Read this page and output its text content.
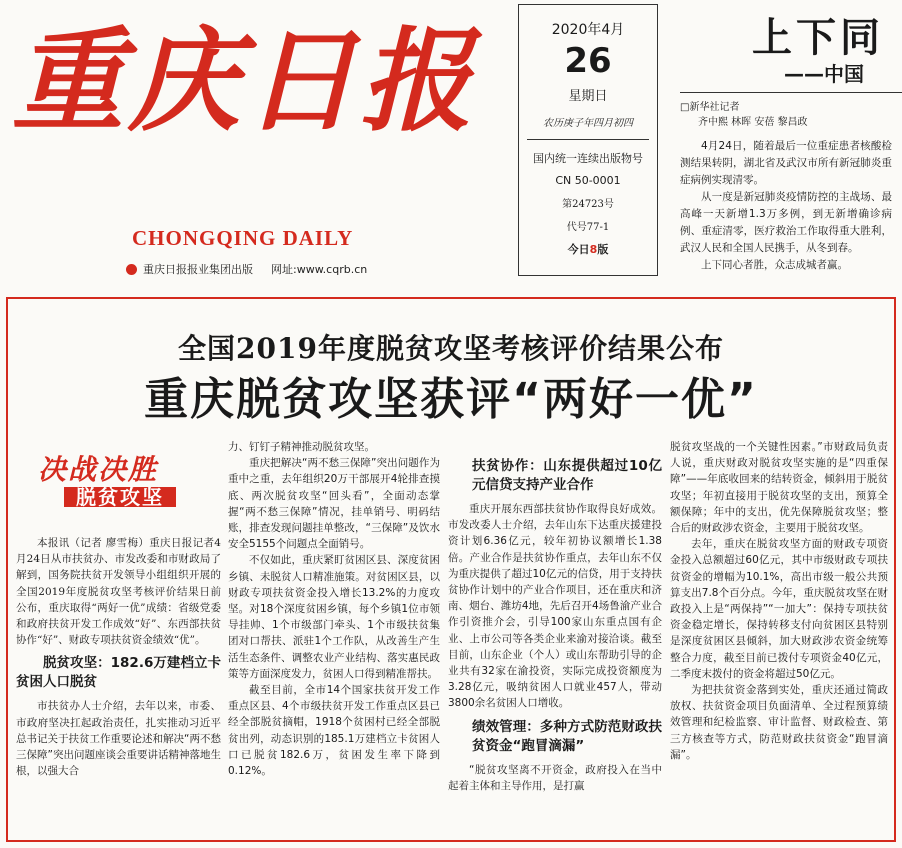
重庆日报
CHONGQING DAILY
重庆日报报业集团出版 网址:www.cqrb.cn
2020年4月
26
星期日
农历庚子年四月初四
国内统一连续出版物号
CN 50-0001
第24723号
代号77-1
今日8版
上下同
——中国
□新华社记者
齐中熙 林晖 安蓓 黎昌政

4月24日，随着最后一位重症患者核酸检测结果转阴，湖北省及武汉市所有新冠肺炎重症病例实现清零。

从一度是新冠肺炎疫情防控的主战场、最高峰一天新增1.3万多例，到无新增确诊病例、重症清零，医疗救治工作取得重大胜利，武汉人民和全国人民携手，从冬到春。

上下同心者胜，众志成城者赢。

全国2019年度脱贫攻坚考核评价结果公布
重庆脱贫攻坚获评“两好一优”
决战决胜
脱贫攻坚

本报讯（记者 廖雪梅）重庆日报记者4月24日从市扶贫办、市发改委和市财政局了解到，国务院扶贫开发领导小组组织开展的全国2019年度脱贫攻坚考核评价结果日前公布，重庆取得“两好一优”成绩：省级党委和政府扶贫开发工作成效“好”、东西部扶贫协作“好”、财政专项扶贫资金绩效“优”。

脱贫攻坚：182.6万建档立卡贫困人口脱贫

市扶贫办人士介绍，去年以来，市委、市政府坚决扛起政治责任，扎实推动习近平总书记关于扶贫工作重要论述和解决“两不愁三保障”突出问题座谈会重要讲话精神落地生根，以强大合

力、钉钉子精神推动脱贫攻坚。

重庆把解决“两不愁三保障”突出问题作为重中之重，去年组织20万干部展开4轮排查摸底、两次脱贫攻坚“回头看”，全面动态掌握“两不愁三保障”情况，挂单销号、明码结账，排查发现问题挂单整改，“三保障”及饮水安全5155个问题点全面销号。

不仅如此，重庆紧盯贫困区县、深度贫困乡镇、未脱贫人口精准施策。对贫困区县，以财政专项扶贫资金投入增长13.2%的力度攻坚。对18个深度贫困乡镇，每个乡镇1位市领导挂帅、1个市级部门牵头、1个市级扶贫集团对口帮扶、派驻1个工作队，从改善生产生活生态条件、调整农业产业结构、落实惠民政策等方面深度发力，贫困人口得到精准帮扶。

截至目前，全市14个国家扶贫开发工作重点区县、4个市级扶贫开发工作重点区县已经全部脱贫摘帽，1918个贫困村已经全部脱贫出列，动态识别的185.1万建档立卡贫困人口已脱贫182.6万，贫困发生率下降到0.12%。

扶贫协作：山东提供超过10亿元信贷支持产业合作

重庆开展东西部扶贫协作取得良好成效。市发改委人士介绍，去年山东下达重庆援建投资计划6.36亿元，较年初协议额增长1.38倍。产业合作是扶贫协作重点，去年山东不仅为重庆提供了超过10亿元的信贷，用于支持扶贫协作计划中的产业合作项目，还在重庆和济南、烟台、潍坊4地，先后召开4场鲁渝产业合作引资推介会，引导100家山东重点国有企业、上市公司等各类企业来渝对接洽谈。截至目前，山东企业（个人）或山东帮助引导的企业共有32家在渝投资，实际完成投资额度为3.28亿元，吸纳贫困人口就业457人，带动3800余名贫困人口增收。

绩效管理：多种方式防范财政扶贫资金“跑冒滴漏”

“脱贫攻坚离不开资金，政府投入在当中起着主体和主导作用，是打赢

脱贫攻坚战的一个关键性因素。”市财政局负责人说，重庆财政对脱贫攻坚实施的是“四重保障”——年底收回来的结转资金，倾斜用于脱贫攻坚；年初直接用于脱贫攻坚的支出，预算全额保障；年中的支出，优先保障脱贫攻坚；整合后的财政涉农资金，主要用于脱贫攻坚。

去年，重庆在脱贫攻坚方面的财政专项资金投入总额超过60亿元，其中市级财政专项扶贫资金的增幅为10.1%，高出市级一般公共预算支出7.8个百分点。今年，重庆脱贫攻坚在财政投入上是“两保持”“一加大”：保持专项扶贫资金稳定增长，保持转移支付向贫困区县特别是深度贫困区县倾斜，加大财政涉农资金统筹整合力度，截至目前已拨付专项资金40亿元，二季度末拨付的资金将超过50亿元。

为把扶贫资金落到实处，重庆还通过简政放权、扶贫资金项目负面清单、全过程预算绩效管理和纪检监察、审计监督、财政检查、第三方核查等方式，防范财政扶贫资金“跑冒滴漏”。
